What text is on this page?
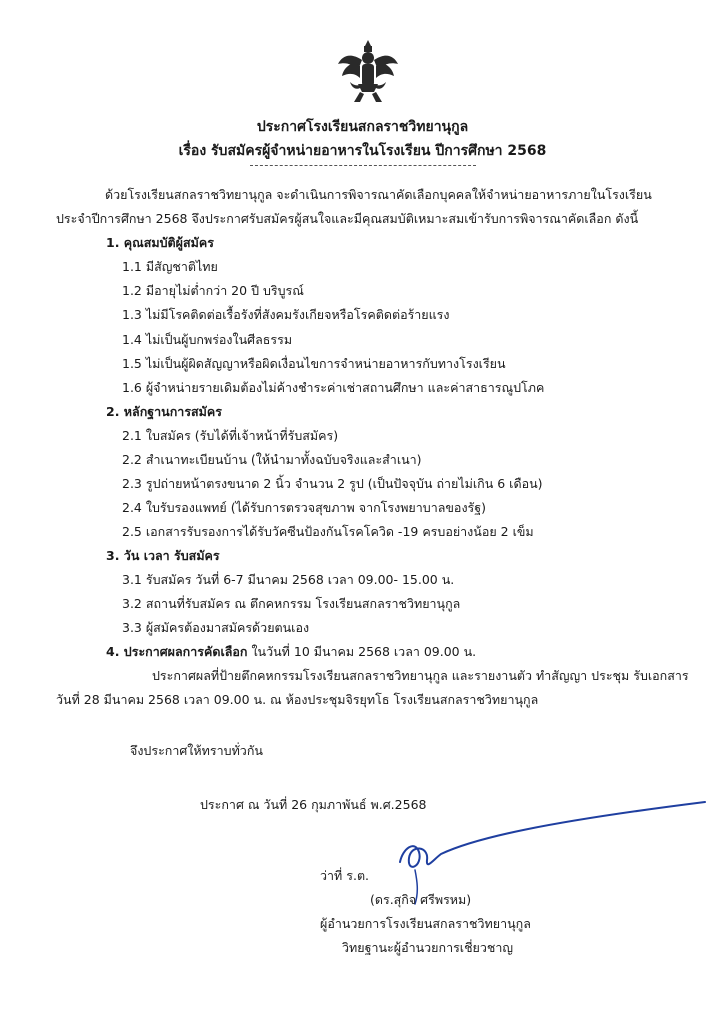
ประกาศโรงเรียนสกลราชวิทยานุกูล
เรื่อง รับสมัครผู้จำหน่ายอาหารในโรงเรียน ปีการศึกษา 2568
ด้วยโรงเรียนสกลราชวิทยานุกูล จะดำเนินการพิจารณาคัดเลือกบุคคลให้จำหน่ายอาหารภายในโรงเรียน
ประจำปีการศึกษา 2568 จึงประกาศรับสมัครผู้สนใจและมีคุณสมบัติเหมาะสมเข้ารับการพิจารณาคัดเลือก ดังนี้
1. คุณสมบัติผู้สมัคร
1.1 มีสัญชาติไทย
1.2 มีอายุไม่ต่ำกว่า 20 ปี บริบูรณ์
1.3 ไม่มีโรคติดต่อเรื้อรังที่สังคมรังเกียจหรือโรคติดต่อร้ายแรง
1.4 ไม่เป็นผู้บกพร่องในศีลธรรม
1.5 ไม่เป็นผู้ผิดสัญญาหรือผิดเงื่อนไขการจำหน่ายอาหารกับทางโรงเรียน
1.6 ผู้จำหน่ายรายเดิมต้องไม่ค้างชำระค่าเช่าสถานศึกษา และค่าสาธารณูปโภค
2. หลักฐานการสมัคร
2.1 ใบสมัคร (รับได้ที่เจ้าหน้าที่รับสมัคร)
2.2 สำเนาทะเบียนบ้าน (ให้นำมาทั้งฉบับจริงและสำเนา)
2.3 รูปถ่ายหน้าตรงขนาด 2 นิ้ว จำนวน 2 รูป (เป็นปัจจุบัน ถ่ายไม่เกิน 6 เดือน)
2.4 ใบรับรองแพทย์ (ได้รับการตรวจสุขภาพ จากโรงพยาบาลของรัฐ)
2.5 เอกสารรับรองการได้รับวัคซีนป้องกันโรคโควิด -19 ครบอย่างน้อย 2 เข็ม
3. วัน เวลา รับสมัคร
3.1 รับสมัคร วันที่ 6-7 มีนาคม 2568 เวลา 09.00- 15.00 น.
3.2 สถานที่รับสมัคร ณ ตึกคหกรรม โรงเรียนสกลราชวิทยานุกูล
3.3 ผู้สมัครต้องมาสมัครด้วยตนเอง
4. ประกาศผลการคัดเลือก ในวันที่ 10 มีนาคม 2568 เวลา 09.00 น.
ประกาศผลที่ป้ายตึกคหกรรมโรงเรียนสกลราชวิทยานุกูล และรายงานตัว ทำสัญญา ประชุม รับเอกสาร
วันที่ 28 มีนาคม 2568 เวลา 09.00 น. ณ ห้องประชุมจิรยุทโธ โรงเรียนสกลราชวิทยานุกูล
จึงประกาศให้ทราบทั่วกัน
ประกาศ ณ วันที่ 26 กุมภาพันธ์ พ.ศ.2568
ว่าที่ ร.ต.
(ดร.สุกิจ ศรีพรหม)
ผู้อำนวยการโรงเรียนสกลราชวิทยานุกูล
วิทยฐานะผู้อำนวยการเชี่ยวชาญ
